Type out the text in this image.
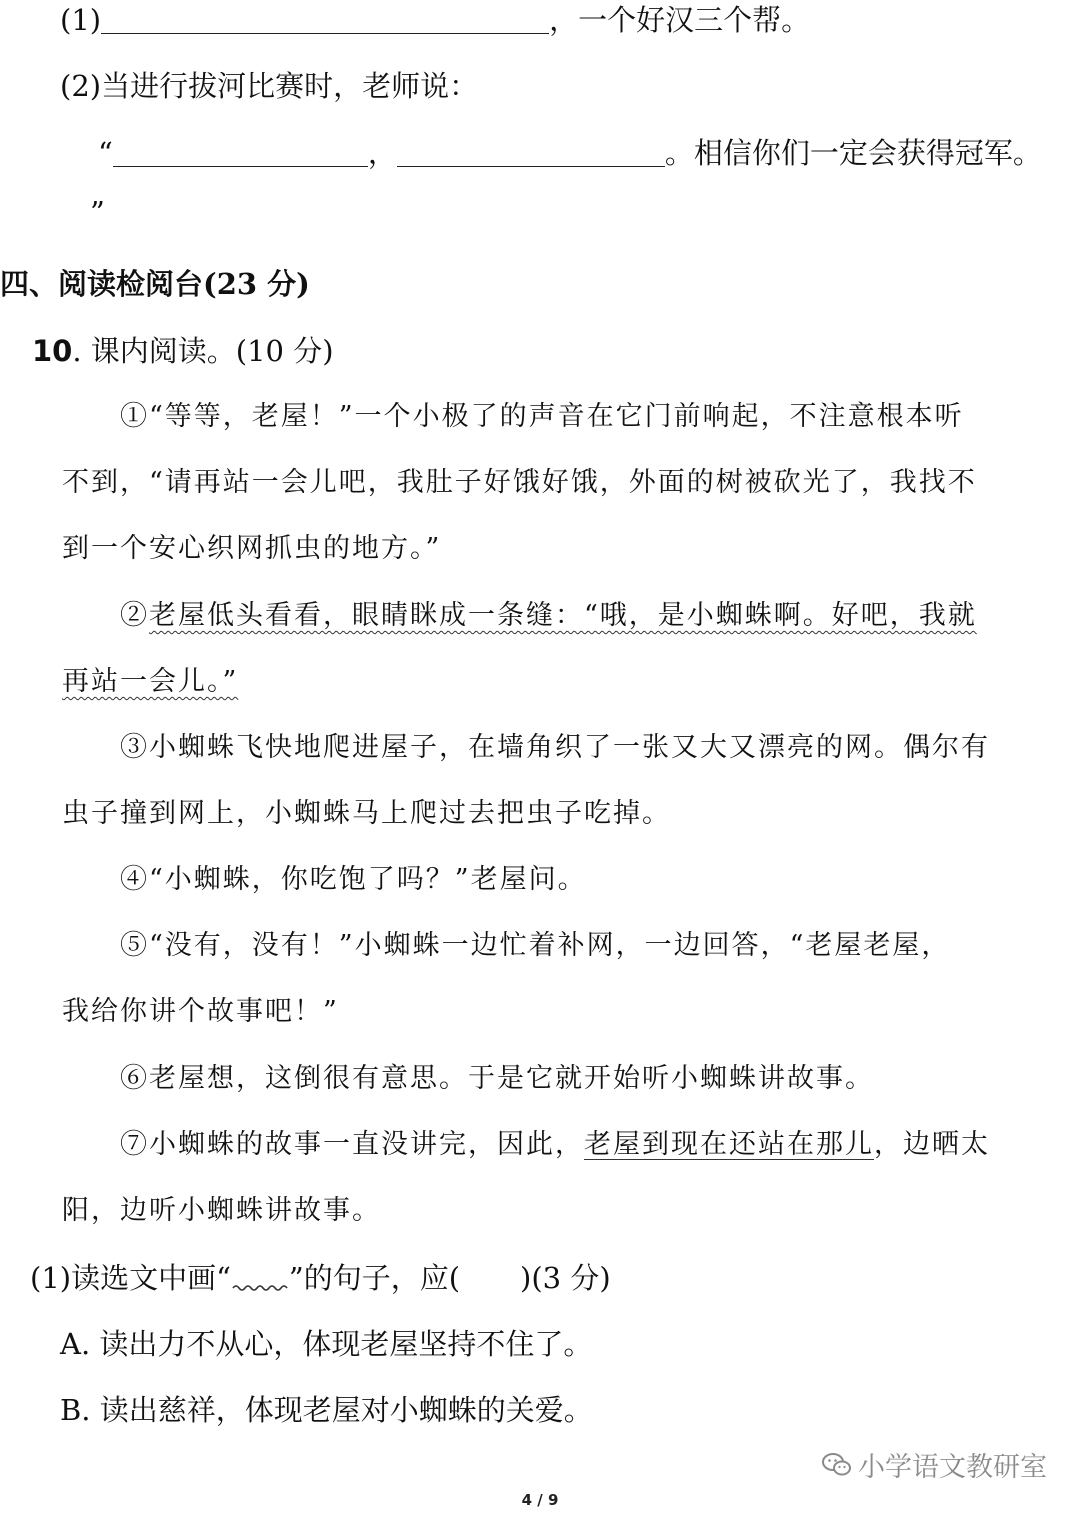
(1)	，一个好汉三个帮。
(2)当进行拔河比赛时，老师说：
“	，	。相信你们一定会获得冠军。
”
四、阅读检阅台(23 分)
10. 课内阅读。(10 分)
①“等等，老屋！”一个小极了的声音在它门前响起，不注意根本听
不到，“请再站一会儿吧，我肚子好饿好饿，外面的树被砍光了，我找不
到一个安心织网抓虫的地方。”
②老屋低头看看，眼睛眯成一条缝：“哦，是小蜘蛛啊。好吧，我就
再站一会儿。”
③小蜘蛛飞快地爬进屋子，在墙角织了一张又大又漂亮的网。偶尔有
虫子撞到网上，小蜘蛛马上爬过去把虫子吃掉。
④“小蜘蛛，你吃饱了吗？”老屋问。
⑤“没有，没有！”小蜘蛛一边忙着补网，一边回答，“老屋老屋，
我给你讲个故事吧！”
⑥老屋想，这倒很有意思。于是它就开始听小蜘蛛讲故事。
⑦小蜘蛛的故事一直没讲完，因此，老屋到现在还站在那儿，边晒太
阳，边听小蜘蛛讲故事。
(1)读选文中画“ ”的句子，应( )(3 分)
A. 读出力不从心，体现老屋坚持不住了。
B. 读出慈祥，体现老屋对小蜘蛛的关爱。
小学语文教研室
4 / 9
